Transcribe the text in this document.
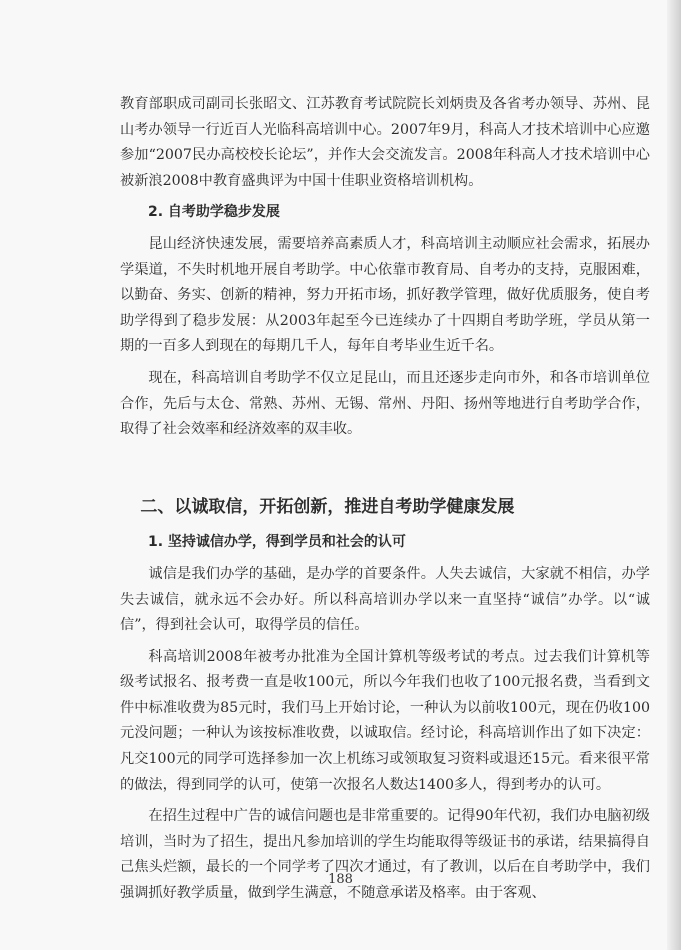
教育部职成司副司长张昭文、江苏教育考试院院长刘炳贵及各省考办领导、苏州、昆山考办领导一行近百人光临科高培训中心。2007年9月，科高人才技术培训中心应邀参加“2007民办高校校长论坛”，并作大会交流发言。2008年科高人才技术培训中心被新浪2008中教育盛典评为中国十佳职业资格培训机构。

2. 自考助学稳步发展

昆山经济快速发展，需要培养高素质人才，科高培训主动顺应社会需求，拓展办学渠道，不失时机地开展自考助学。中心依靠市教育局、自考办的支持，克服困难，以勤奋、务实、创新的精神，努力开拓市场，抓好教学管理，做好优质服务，使自考助学得到了稳步发展：从2003年起至今已连续办了十四期自考助学班，学员从第一期的一百多人到现在的每期几千人，每年自考毕业生近千名。

现在，科高培训自考助学不仅立足昆山，而且还逐步走向市外，和各市培训单位合作，先后与太仓、常熟、苏州、无锡、常州、丹阳、扬州等地进行自考助学合作，取得了社会效率和经济效率的双丰收。

二、以诚取信，开拓创新，推进自考助学健康发展

1. 坚持诚信办学，得到学员和社会的认可

诚信是我们办学的基础，是办学的首要条件。人失去诚信，大家就不相信，办学失去诚信，就永远不会办好。所以科高培训办学以来一直坚持“诚信”办学。以“诚信”，得到社会认可，取得学员的信任。

科高培训2008年被考办批准为全国计算机等级考试的考点。过去我们计算机等级考试报名、报考费一直是收100元，所以今年我们也收了100元报名费，当看到文件中标准收费为85元时，我们马上开始讨论，一种认为以前收100元，现在仍收100元没问题；一种认为该按标准收费，以诚取信。经讨论，科高培训作出了如下决定：凡交100元的同学可选择参加一次上机练习或领取复习资料或退还15元。看来很平常的做法，得到同学的认可，使第一次报名人数达1400多人，得到考办的认可。

在招生过程中广告的诚信问题也是非常重要的。记得90年代初，我们办电脑初级培训，当时为了招生，提出凡参加培训的学生均能取得等级证书的承诺，结果搞得自己焦头烂额，最长的一个同学考了四次才通过，有了教训，以后在自考助学中，我们强调抓好教学质量，做到学生满意，不随意承诺及格率。由于客观、

188
